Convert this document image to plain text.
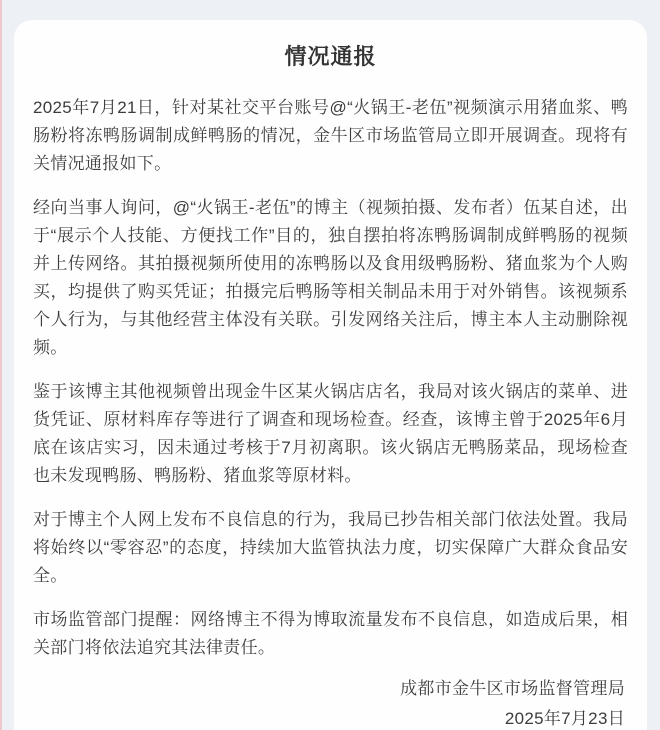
情况通报

2025年7月21日，针对某社交平台账号@“火锅王-老伍”视频演示用猪血浆、鸭肠粉将冻鸭肠调制成鲜鸭肠的情况，金牛区市场监管局立即开展调查。现将有关情况通报如下。

经向当事人询问，@“火锅王-老伍”的博主（视频拍摄、发布者）伍某自述，出于“展示个人技能、方便找工作”目的，独自摆拍将冻鸭肠调制成鲜鸭肠的视频并上传网络。其拍摄视频所使用的冻鸭肠以及食用级鸭肠粉、猪血浆为个人购买，均提供了购买凭证；拍摄完后鸭肠等相关制品未用于对外销售。该视频系个人行为，与其他经营主体没有关联。引发网络关注后，博主本人主动删除视频。

鉴于该博主其他视频曾出现金牛区某火锅店店名，我局对该火锅店的菜单、进货凭证、原材料库存等进行了调查和现场检查。经查，该博主曾于2025年6月底在该店实习，因未通过考核于7月初离职。该火锅店无鸭肠菜品，现场检查也未发现鸭肠、鸭肠粉、猪血浆等原材料。

对于博主个人网上发布不良信息的行为，我局已抄告相关部门依法处置。我局将始终以“零容忍”的态度，持续加大监管执法力度，切实保障广大群众食品安全。

市场监管部门提醒：网络博主不得为博取流量发布不良信息，如造成后果，相关部门将依法追究其法律责任。

成都市金牛区市场监督管理局
2025年7月23日
